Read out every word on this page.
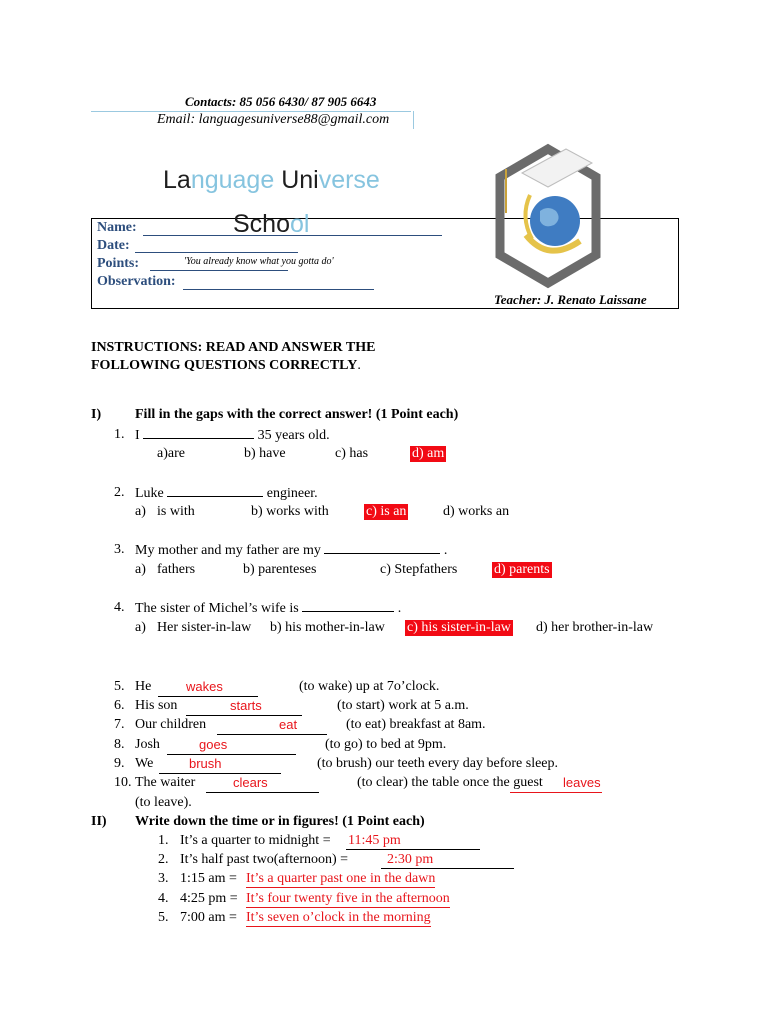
Contacts: 85 056 6430/ 87 905 6643
Email: languagesuniverse88@gmail.com
Language Universe
Name:
Date:
Points:
Observation:
School
'You already know what you gotta do'
Teacher: J. Renato Laissane
INSTRUCTIONS: READ AND ANSWER THE
FOLLOWING QUESTIONS CORRECTLY.
I) Fill in the gaps with the correct answer! (1 Point each)
1. I	35 years old.
a)are	b) have	c) has	d) am
2. Luke	engineer.
a) is with	b) works with	c) is an	d) works an
3. My mother and my father are my	.
a) fathers	b) parenteses	c) Stepfathers	d) parents
4. The sister of Michel’s wife is	.
a) Her sister-in-law b) his mother-in-law c) his sister-in-law d) her brother-in-law
5. He	wakes	(to wake) up at 7o’clock.
6. His son	starts	(to start) work at 5 a.m.
7. Our children	eat	(to eat) breakfast at 8am.
8. Josh	goes	(to go) to bed at 9pm.
9. We	brush	(to brush) our teeth every day before sleep.
10. The waiter	clears	(to clear) the table once the guest	leaves
(to leave).
II) Write down the time or in figures! (1 Point each)
1. It’s a quarter to midnight = 11:45 pm
2. It’s half past two(afternoon) =	2:30 pm
3. 1:15 am = It’s a quarter past one in the dawn
4. 4:25 pm = It’s four twenty five in the afternoon
5. 7:00 am = It’s seven o’clock in the morning
